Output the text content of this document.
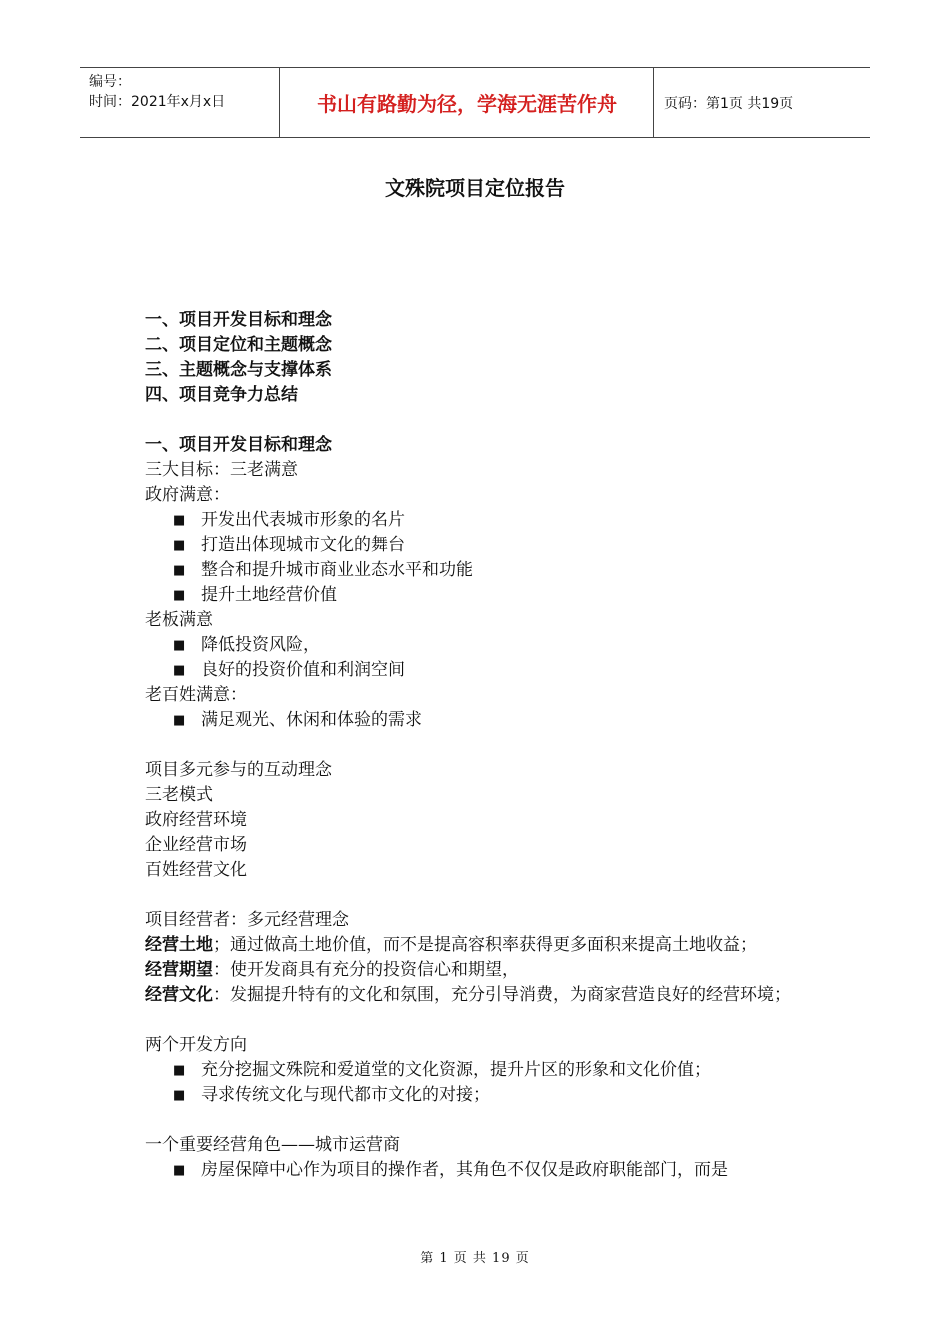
编号：
时间：2021年x月x日	书山有路勤为径，学海无涯苦作舟	页码：第1页 共19页
文殊院项目定位报告
一、项目开发目标和理念
二、项目定位和主题概念
三、主题概念与支撑体系
四、项目竞争力总结
一、项目开发目标和理念
三大目标：三老满意
政府满意：
■ 开发出代表城市形象的名片
■ 打造出体现城市文化的舞台
■ 整合和提升城市商业业态水平和功能
■ 提升土地经营价值
老板满意
■ 降低投资风险，
■ 良好的投资价值和利润空间
老百姓满意：
■ 满足观光、休闲和体验的需求
项目多元参与的互动理念
三老模式
政府经营环境
企业经营市场
百姓经营文化
项目经营者：多元经营理念
经营土地；通过做高土地价值，而不是提高容积率获得更多面积来提高土地收益；
经营期望：使开发商具有充分的投资信心和期望，
经营文化：发掘提升特有的文化和氛围，充分引导消费，为商家营造良好的经营环境；
两个开发方向
■ 充分挖掘文殊院和爱道堂的文化资源，提升片区的形象和文化价值；
■ 寻求传统文化与现代都市文化的对接；
一个重要经营角色——城市运营商
■ 房屋保障中心作为项目的操作者，其角色不仅仅是政府职能部门，而是
第 1 页 共 19 页
